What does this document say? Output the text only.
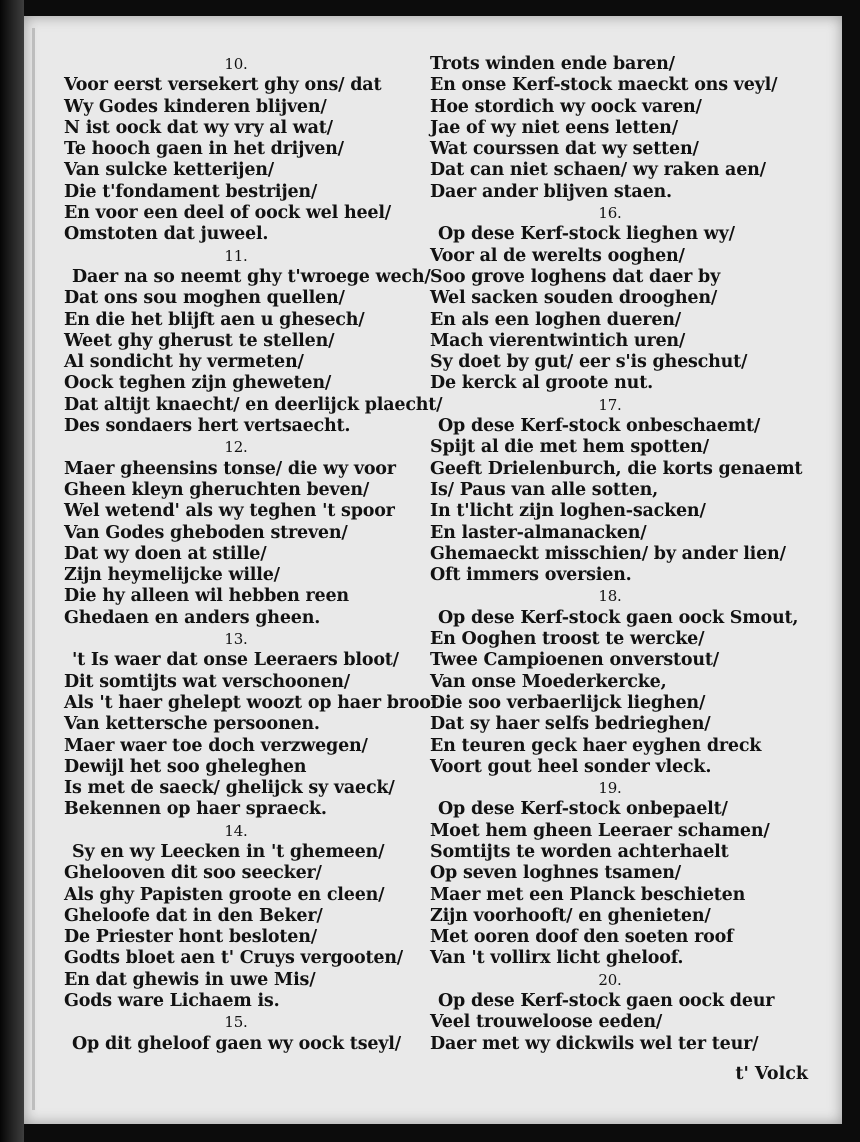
10.
Voor eerst versekert ghy ons/ dat
Wy Godes kinderen blijven/
N ist oock dat wy vry al wat/
Te hooch gaen in het drijven/
Van sulcke ketterijen/
Die t'fondament bestrijen/
En voor een deel of oock wel heel/
Omstoten dat juweel.
11.
Daer na so neemt ghy t'wroege wech/
Dat ons sou moghen quellen/
En die het blijft aen u ghesech/
Weet ghy gherust te stellen/
Al sondicht hy vermeten/
Oock teghen zijn gheweten/
Dat altijt knaecht/ en deerlijck plaecht/
Des sondaers hert vertsaecht.
12.
Maer gheensins tonse/ die wy voor
Gheen kleyn gheruchten beven/
Wel wetend' als wy teghen 't spoor
Van Godes gheboden streven/
Dat wy doen at stille/
Zijn heymelijcke wille/
Die hy alleen wil hebben reen
Ghedaen en anders gheen.
13.
't Is waer dat onse Leeraers bloot/
Dit somtijts wat verschoonen/
Als 't haer ghelept woozt op haer broot
Van kettersche persoonen.
Maer waer toe doch verzwegen/
Dewijl het soo gheleghen
Is met de saeck/ ghelijck sy vaeck/
Bekennen op haer spraeck.
14.
Sy en wy Leecken in 't ghemeen/
Ghelooven dit soo seecker/
Als ghy Papisten groote en cleen/
Gheloofe dat in den Beker/
De Priester hont besloten/
Godts bloet aen t' Cruys vergooten/
En dat ghewis in uwe Mis/
Gods ware Lichaem is.
15.
Op dit gheloof gaen wy oock tseyl/
Trots winden ende baren/
En onse Kerf-stock maeckt ons veyl/
Hoe stordich wy oock varen/
Jae of wy niet eens letten/
Wat courssen dat wy setten/
Dat can niet schaen/ wy raken aen/
Daer ander blijven staen.
16.
Op dese Kerf-stock lieghen wy/
Voor al de werelts ooghen/
Soo grove loghens dat daer by
Wel sacken souden drooghen/
En als een loghen dueren/
Mach vierentwintich uren/
Sy doet by gut/ eer s'is gheschut/
De kerck al groote nut.
17.
Op dese Kerf-stock onbeschaemt/
Spijt al die met hem spotten/
Geeft Drielenburch, die korts genaemt
Is/ Paus van alle sotten,
In t'licht zijn loghen-sacken/
En laster-almanacken/
Ghemaeckt misschien/ by ander lien/
Oft immers oversien.
18.
Op dese Kerf-stock gaen oock Smout,
En Ooghen troost te wercke/
Twee Campioenen onverstout/
Van onse Moederkercke,
Die soo verbaerlijck lieghen/
Dat sy haer selfs bedrieghen/
En teuren geck haer eyghen dreck
Voort gout heel sonder vleck.
19.
Op dese Kerf-stock onbepaelt/
Moet hem gheen Leeraer schamen/
Somtijts te worden achterhaelt
Op seven loghnes tsamen/
Maer met een Planck beschieten
Zijn voorhooft/ en ghenieten/
Met ooren doof den soeten roof
Van 't vollirx licht gheloof.
20.
Op dese Kerf-stock gaen oock deur
Veel trouweloose eeden/
Daer met wy dickwils wel ter teur/
t' Volck
